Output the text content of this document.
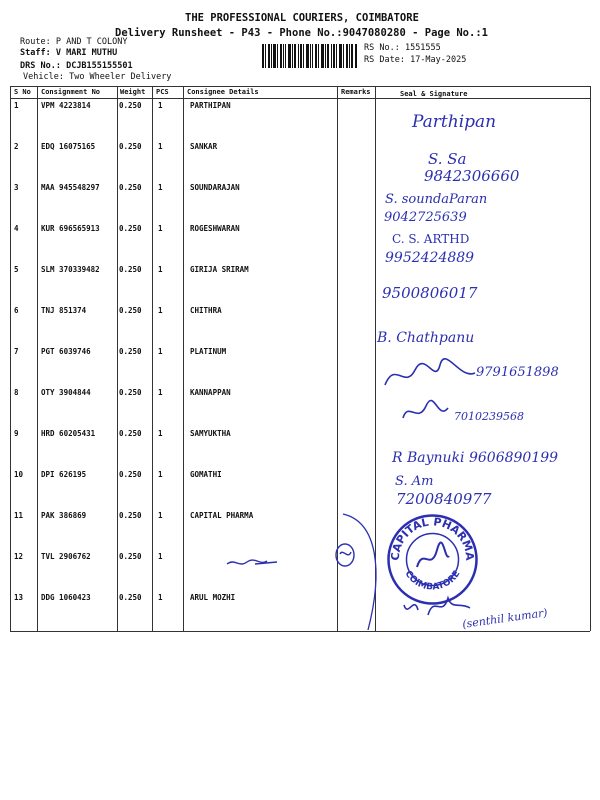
THE PROFESSIONAL COURIERS, COIMBATORE
Delivery Runsheet - P43 - Phone No.:9047080280 - Page No.:1
Route: P AND T COLONY
Staff: V MARI MUTHU
DRS No.: DCJB155155501
Vehicle: Two Wheeler Delivery
RS No.: 1551555
RS Date: 17-May-2025
S No Consignment No	Weight PCS	Consignee Details	Remarks	Seal & Signature
1	VPM 4223814	0.250 1	PARTHIPAN
2	EDQ 16075165	0.250 1	SANKAR
3	MAA 945548297	0.250 1	SOUNDARAJAN
4	KUR 696565913	0.250 1	ROGESHWARAN
5	SLM 370339482	0.250 1	GIRIJA SRIRAM
6	TNJ 851374	0.250 1	CHITHRA
7	PGT 6039746	0.250 1	PLATINUM
8	OTY 3904844	0.250 1	KANNAPPAN
9	HRD 60205431	0.250 1	SAMYUKTHA
10 DPI 626195	0.250 1	GOMATHI
11 PAK 386869	0.250 1	CAPITAL PHARMA
12 TVL 2906762	0.250 1
13 DDG 1060423	0.250 1	ARUL MOZHI
Parthipan
S. Sa
9842306660
S. soundaParan
9042725639
C. S. ARTHD
9952424889
9500806017
B. Chathpanu
9791651898
7010239568
R Baynuki 9606890199
S. Am
7200840977
(senthil kumar)
CAPITAL PHARMA
COIMBATORE
